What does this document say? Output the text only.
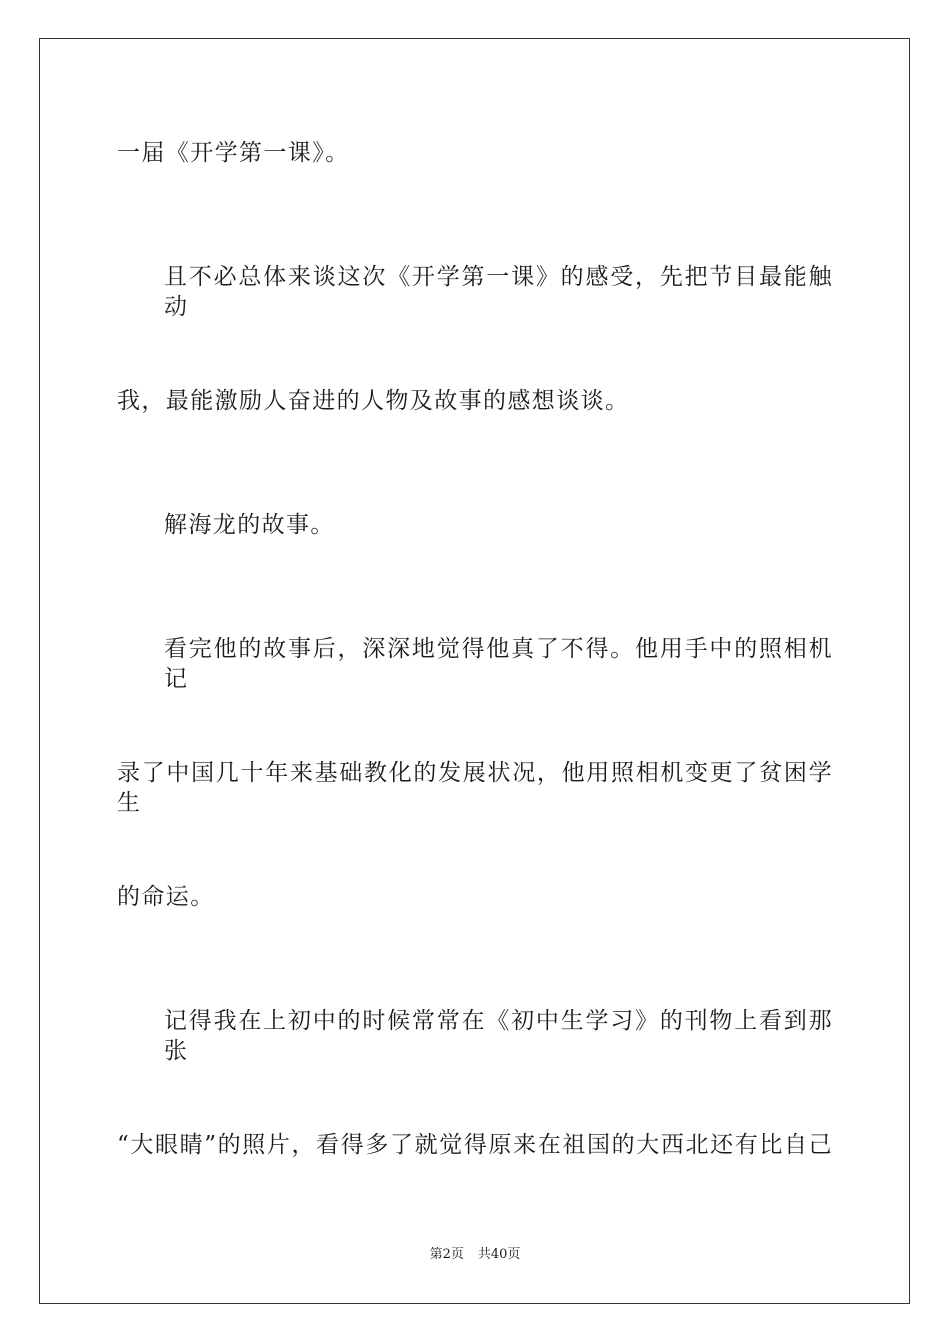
一届《开学第一课》。
且不必总体来谈这次《开学第一课》的感受，先把节目最能触动
我，最能激励人奋进的人物及故事的感想谈谈。
解海龙的故事。
看完他的故事后，深深地觉得他真了不得。他用手中的照相机记
录了中国几十年来基础教化的发展状况，他用照相机变更了贫困学生
的命运。
记得我在上初中的时候常常在《初中生学习》的刊物上看到那张
“大眼睛”的照片，看得多了就觉得原来在祖国的大西北还有比自己
第2页 共40页
